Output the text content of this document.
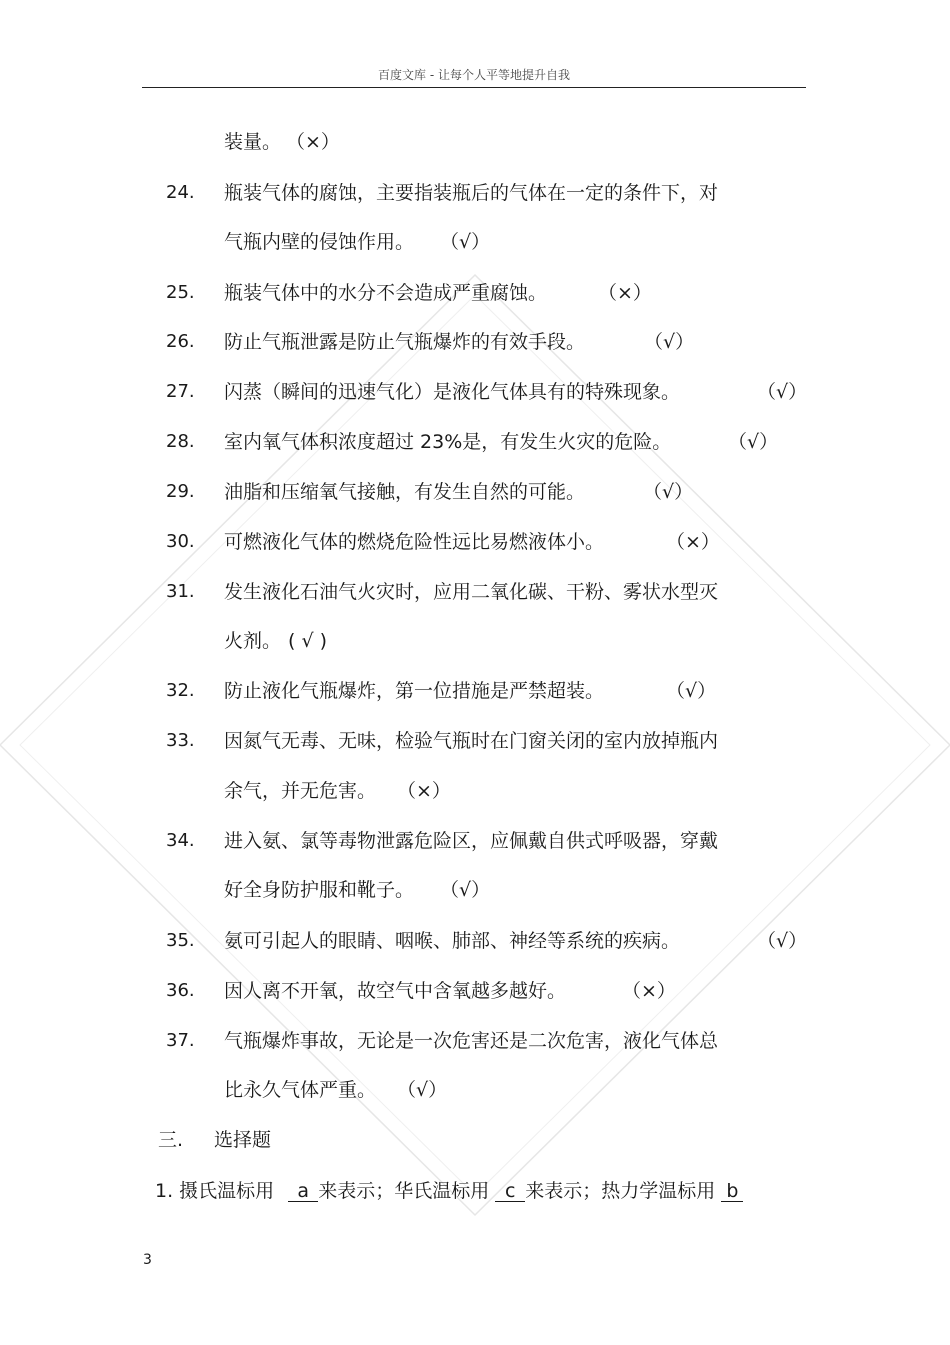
百度文库 - 让每个人平等地提升自我
装量。 （×）
24. 瓶装气体的腐蚀，主要指装瓶后的气体在一定的条件下，对
气瓶内壁的侵蚀作用。 （√）
25. 瓶装气体中的水分不会造成严重腐蚀。	（×）
26. 防止气瓶泄露是防止气瓶爆炸的有效手段。	（√）
27. 闪蒸（瞬间的迅速气化）是液化气体具有的特殊现象。	（√）
28. 室内氧气体积浓度超过 23%是，有发生火灾的危险。	（√）
29. 油脂和压缩氧气接触，有发生自然的可能。	（√）
30. 可燃液化气体的燃烧危险性远比易燃液体小。	（×）
31. 发生液化石油气火灾时，应用二氧化碳、干粉、雾状水型灭
火剂。 ( √ )
32. 防止液化气瓶爆炸，第一位措施是严禁超装。	（√）
33. 因氮气无毒、无味，检验气瓶时在门窗关闭的室内放掉瓶内
余气，并无危害。 （×）
34. 进入氨、氯等毒物泄露危险区，应佩戴自供式呼吸器，穿戴
好全身防护服和靴子。 （√）
35. 氨可引起人的眼睛、咽喉、肺部、神经等系统的疾病。	（√）
36. 因人离不开氧，故空气中含氧越多越好。	（×）
37. 气瓶爆炸事故，无论是一次危害还是二次危害，液化气体总
比永久气体严重。 （√）
三. 选择题
1. 摄氏温标用 a 来表示；华氏温标用 c 来表示；热力学温标用 b
3
